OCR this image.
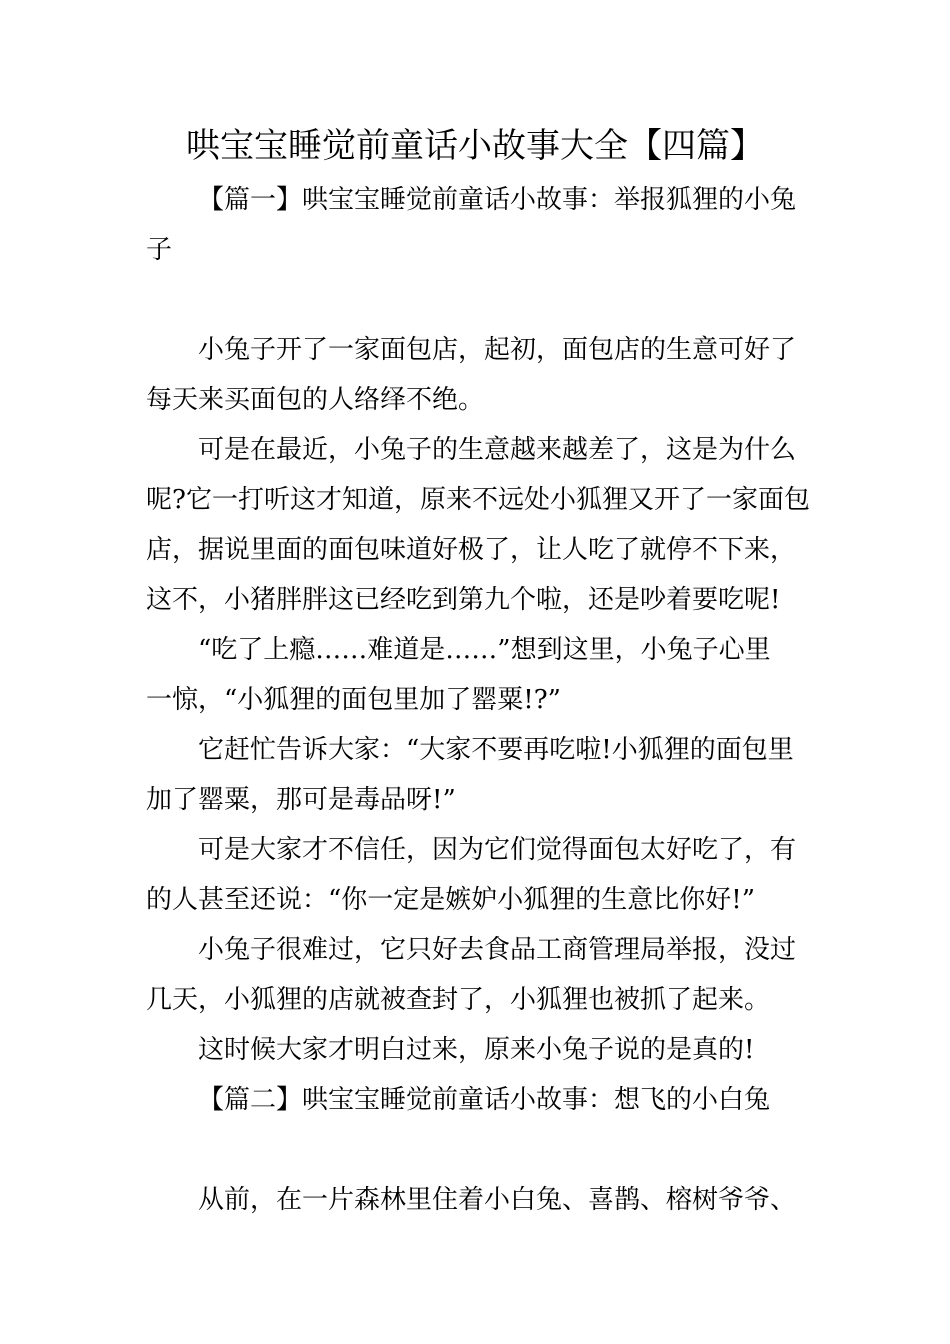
哄宝宝睡觉前童话小故事大全【四篇】
【篇一】哄宝宝睡觉前童话小故事：举报狐狸的小兔
子
小兔子开了一家面包店，起初，面包店的生意可好了
每天来买面包的人络绎不绝。
可是在最近，小兔子的生意越来越差了，这是为什么
呢?它一打听这才知道，原来不远处小狐狸又开了一家面包
店，据说里面的面包味道好极了，让人吃了就停不下来，
这不，小猪胖胖这已经吃到第九个啦，还是吵着要吃呢!
“吃了上瘾……难道是……”想到这里，小兔子心里
一惊，“小狐狸的面包里加了罂粟!?”
它赶忙告诉大家：“大家不要再吃啦!小狐狸的面包里
加了罂粟，那可是毒品呀!”
可是大家才不信任，因为它们觉得面包太好吃了，有
的人甚至还说：“你一定是嫉妒小狐狸的生意比你好!”
小兔子很难过，它只好去食品工商管理局举报，没过
几天，小狐狸的店就被查封了，小狐狸也被抓了起来。
这时候大家才明白过来，原来小兔子说的是真的!
【篇二】哄宝宝睡觉前童话小故事：想飞的小白兔
从前，在一片森林里住着小白兔、喜鹊、榕树爷爷、
